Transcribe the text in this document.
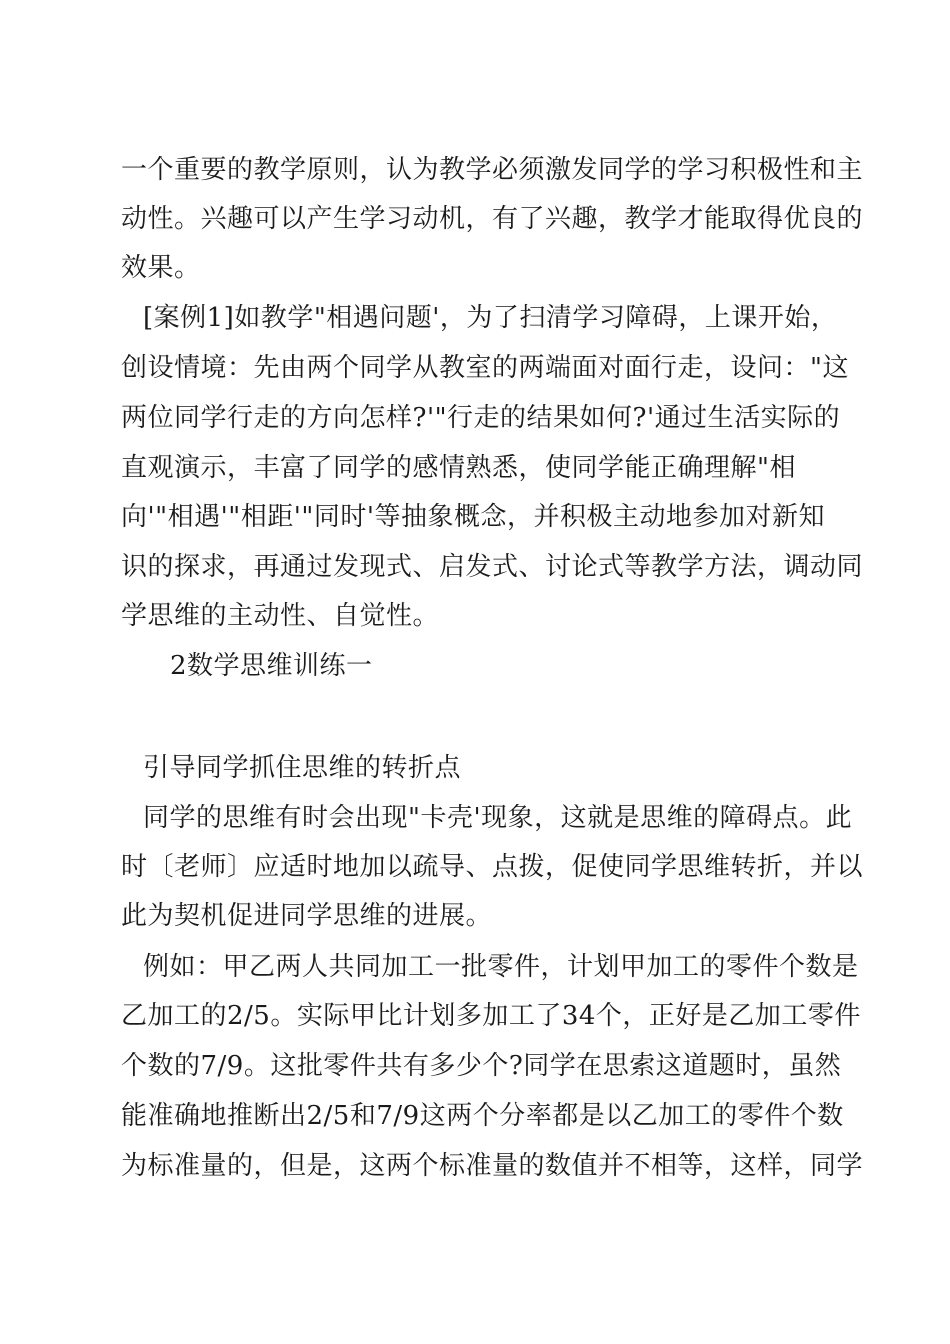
一个重要的教学原则，认为教学必须激发同学的学习积极性和主
动性。兴趣可以产生学习动机，有了兴趣，教学才能取得优良的
效果。
[案例1]如教学"相遇问题'，为了扫清学习障碍，上课开始，
创设情境：先由两个同学从教室的两端面对面行走，设问："这
两位同学行走的方向怎样?'"行走的结果如何?'通过生活实际的
直观演示，丰富了同学的感情熟悉，使同学能正确理解"相
向'"相遇'"相距'"同时'等抽象概念，并积极主动地参加对新知
识的探求，再通过发现式、启发式、讨论式等教学方法，调动同
学思维的主动性、自觉性。
2数学思维训练一
引导同学抓住思维的转折点
同学的思维有时会出现"卡壳'现象，这就是思维的障碍点。此
时〔老师〕应适时地加以疏导、点拨，促使同学思维转折，并以
此为契机促进同学思维的进展。
例如：甲乙两人共同加工一批零件，计划甲加工的零件个数是
乙加工的2/5。实际甲比计划多加工了34个，正好是乙加工零件
个数的7/9。这批零件共有多少个?同学在思索这道题时，虽然
能准确地推断出2/5和7/9这两个分率都是以乙加工的零件个数
为标准量的，但是，这两个标准量的数值并不相等，这样，同学
